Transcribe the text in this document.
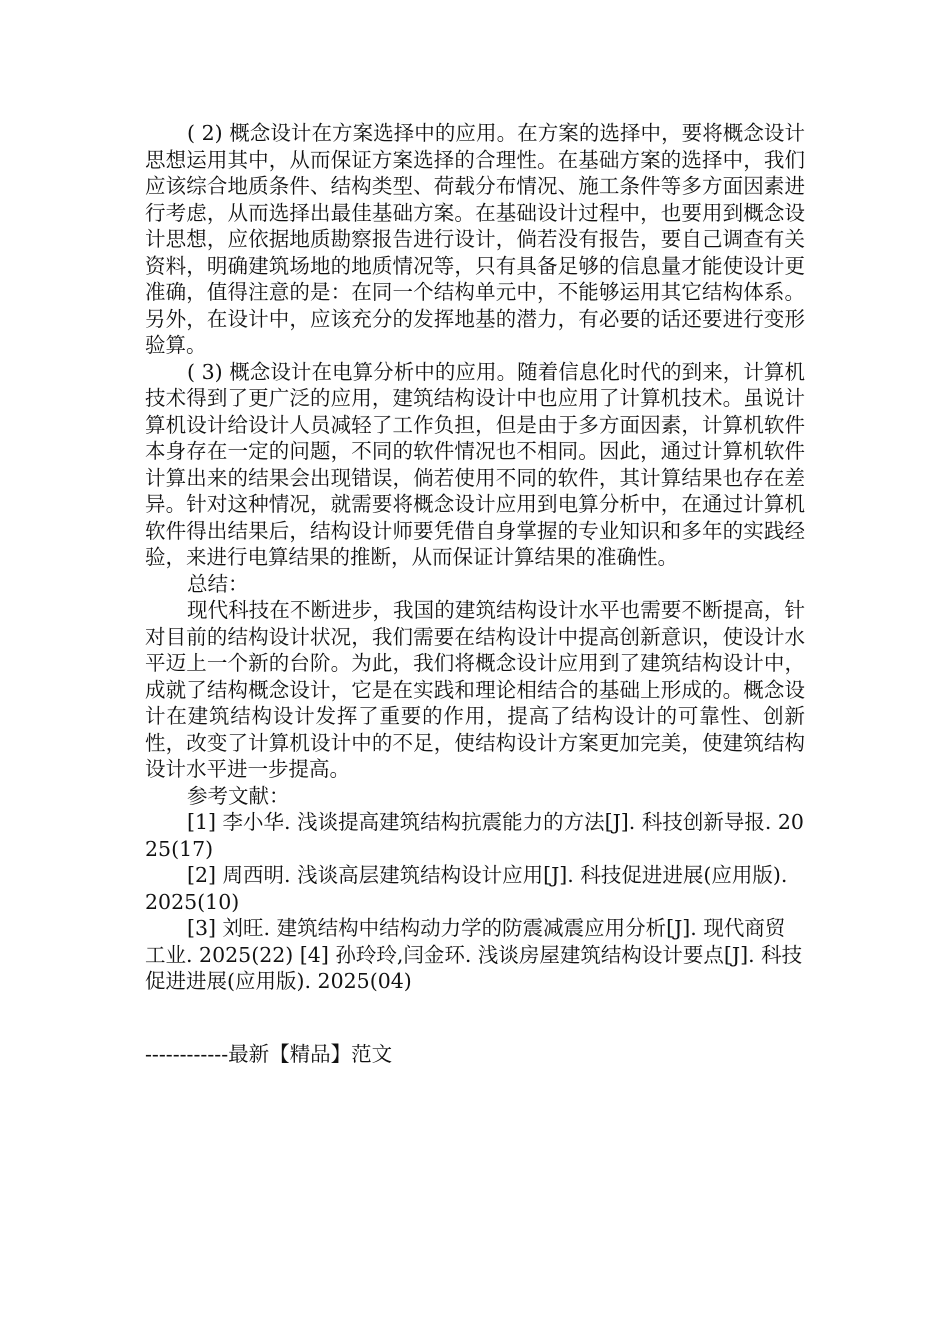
( 2) 概念设计在方案选择中的应用。在方案的选择中，要将概念设计思想运用其中，从而保证方案选择的合理性。在基础方案的选择中，我们应该综合地质条件、结构类型、荷载分布情况、施工条件等多方面因素进行考虑，从而选择出最佳基础方案。在基础设计过程中，也要用到概念设计思想，应依据地质勘察报告进行设计，倘若没有报告，要自己调查有关资料，明确建筑场地的地质情况等，只有具备足够的信息量才能使设计更准确，值得注意的是：在同一个结构单元中，不能够运用其它结构体系。另外，在设计中，应该充分的发挥地基的潜力，有必要的话还要进行变形验算。

( 3) 概念设计在电算分析中的应用。随着信息化时代的到来，计算机技术得到了更广泛的应用，建筑结构设计中也应用了计算机技术。虽说计算机设计给设计人员减轻了工作负担，但是由于多方面因素，计算机软件本身存在一定的问题，不同的软件情况也不相同。因此，通过计算机软件计算出来的结果会出现错误，倘若使用不同的软件，其计算结果也存在差异。针对这种情况，就需要将概念设计应用到电算分析中，在通过计算机软件得出结果后，结构设计师要凭借自身掌握的专业知识和多年的实践经验，来进行电算结果的推断，从而保证计算结果的准确性。

总结：

现代科技在不断进步，我国的建筑结构设计水平也需要不断提高，针对目前的结构设计状况，我们需要在结构设计中提高创新意识，使设计水平迈上一个新的台阶。为此，我们将概念设计应用到了建筑结构设计中，成就了结构概念设计，它是在实践和理论相结合的基础上形成的。概念设计在建筑结构设计发挥了重要的作用，提高了结构设计的可靠性、创新性，改变了计算机设计中的不足，使结构设计方案更加完美，使建筑结构设计水平进一步提高。

参考文献：

[1] 李小华. 浅谈提高建筑结构抗震能力的方法[J]. 科技创新导报. 2025(17)

[2] 周西明. 浅谈高层建筑结构设计应用[J]. 科技促进进展(应用版). 2025(10)

[3] 刘旺. 建筑结构中结构动力学的防震减震应用分析[J]. 现代商贸工业. 2025(22) [4] 孙玲玲,闫金环. 浅谈房屋建筑结构设计要点[J]. 科技促进进展(应用版). 2025(04)

------------最新【精品】范文
